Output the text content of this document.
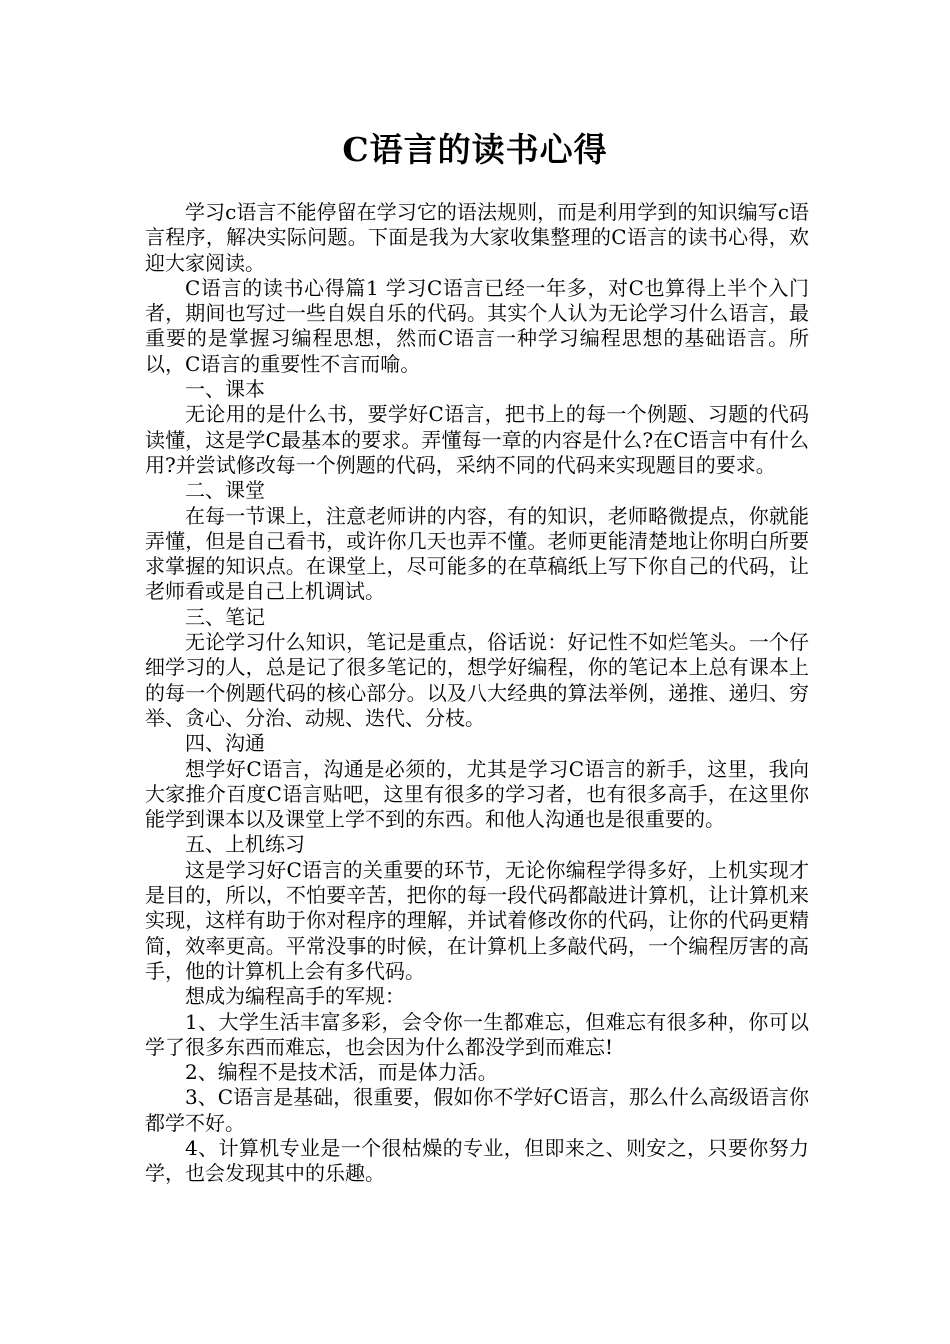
C语言的读书心得

学习c语言不能停留在学习它的语法规则，而是利用学到的知识编写c语言程序，解决实际问题。下面是我为大家收集整理的C语言的读书心得，欢迎大家阅读。

C语言的读书心得篇1 学习C语言已经一年多，对C也算得上半个入门者，期间也写过一些自娱自乐的代码。其实个人认为无论学习什么语言，最重要的是掌握习编程思想，然而C语言一种学习编程思想的基础语言。所以，C语言的重要性不言而喻。

一、课本

无论用的是什么书，要学好C语言，把书上的每一个例题、习题的代码读懂，这是学C最基本的要求。弄懂每一章的内容是什么?在C语言中有什么用?并尝试修改每一个例题的代码，采纳不同的代码来实现题目的要求。

二、课堂

在每一节课上，注意老师讲的内容，有的知识，老师略微提点，你就能弄懂，但是自己看书，或许你几天也弄不懂。老师更能清楚地让你明白所要求掌握的知识点。在课堂上，尽可能多的在草稿纸上写下你自己的代码，让老师看或是自己上机调试。

三、笔记

无论学习什么知识，笔记是重点，俗话说：好记性不如烂笔头。一个仔细学习的人，总是记了很多笔记的，想学好编程，你的笔记本上总有课本上的每一个例题代码的核心部分。以及八大经典的算法举例，递推、递归、穷举、贪心、分治、动规、迭代、分枝。

四、沟通

想学好C语言，沟通是必须的，尤其是学习C语言的新手，这里，我向大家推介百度C语言贴吧，这里有很多的学习者，也有很多高手，在这里你能学到课本以及课堂上学不到的东西。和他人沟通也是很重要的。

五、上机练习

这是学习好C语言的关重要的环节，无论你编程学得多好，上机实现才是目的，所以，不怕要辛苦，把你的每一段代码都敲进计算机，让计算机来实现，这样有助于你对程序的理解，并试着修改你的代码，让你的代码更精简，效率更高。平常没事的时候，在计算机上多敲代码，一个编程厉害的高手，他的计算机上会有多代码。

想成为编程高手的军规：

1、大学生活丰富多彩，会令你一生都难忘，但难忘有很多种，你可以学了很多东西而难忘，也会因为什么都没学到而难忘!

2、编程不是技术活，而是体力活。

3、C语言是基础，很重要，假如你不学好C语言，那么什么高级语言你都学不好。

4、计算机专业是一个很枯燥的专业，但即来之、则安之，只要你努力学，也会发现其中的乐趣。
